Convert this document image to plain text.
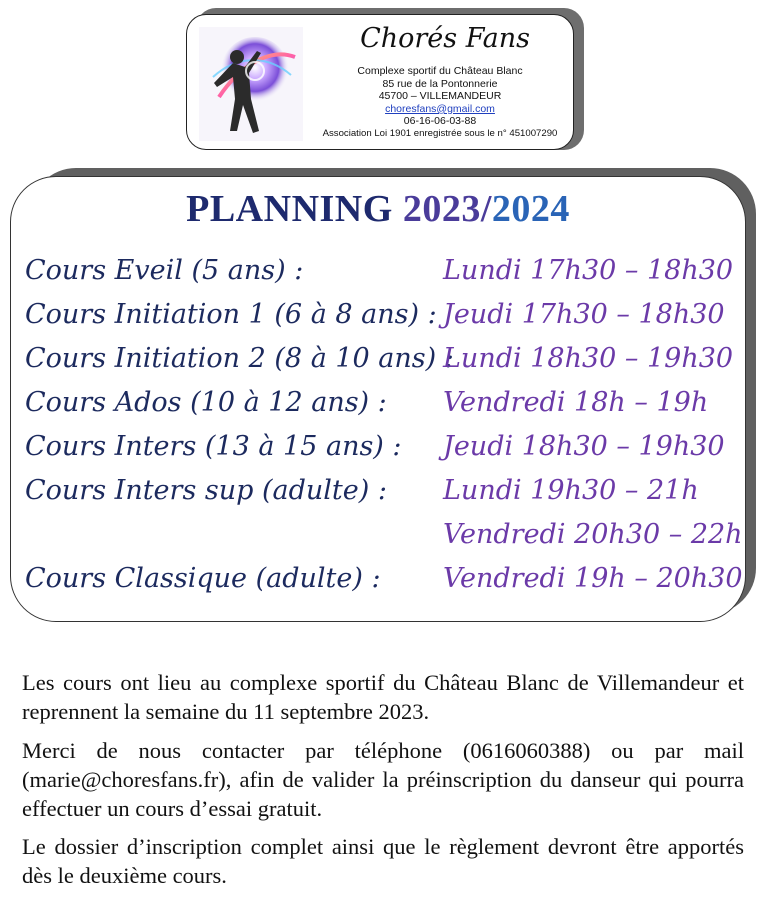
Chorés Fans
Complexe sportif du Château Blanc
85 rue de la Pontonnerie
45700 – VILLEMANDEUR
choresfans@gmail.com
06-16-06-03-88
Association Loi 1901 enregistrée sous le n° 451007290
PLANNING 2023/2024
Cours Eveil (5 ans) :	Lundi 17h30 – 18h30
Cours Initiation 1 (6 à 8 ans) : Jeudi 17h30 – 18h30
Cours Initiation 2 (8 à 10 ans) :
Lundi 18h30 – 19h30
Cours Ados (10 à 12 ans) : Vendredi 18h – 19h
Cours Inters (13 à 15 ans) : Jeudi 18h30 – 19h30
Cours Inters sup (adulte) : Lundi 19h30 – 21h
Vendredi 20h30 – 22h
Cours Classique (adulte) : Vendredi 19h – 20h30

Les cours ont lieu au complexe sportif du Château Blanc de Villemandeur et reprennent la semaine du 11 septembre 2023.

Merci de nous contacter par téléphone (0616060388) ou par mail (marie@choresfans.fr), afin de valider la préinscription du danseur qui pourra effectuer un cours d’essai gratuit.

Le dossier d’inscription complet ainsi que le règlement devront être apportés dès le deuxième cours.
